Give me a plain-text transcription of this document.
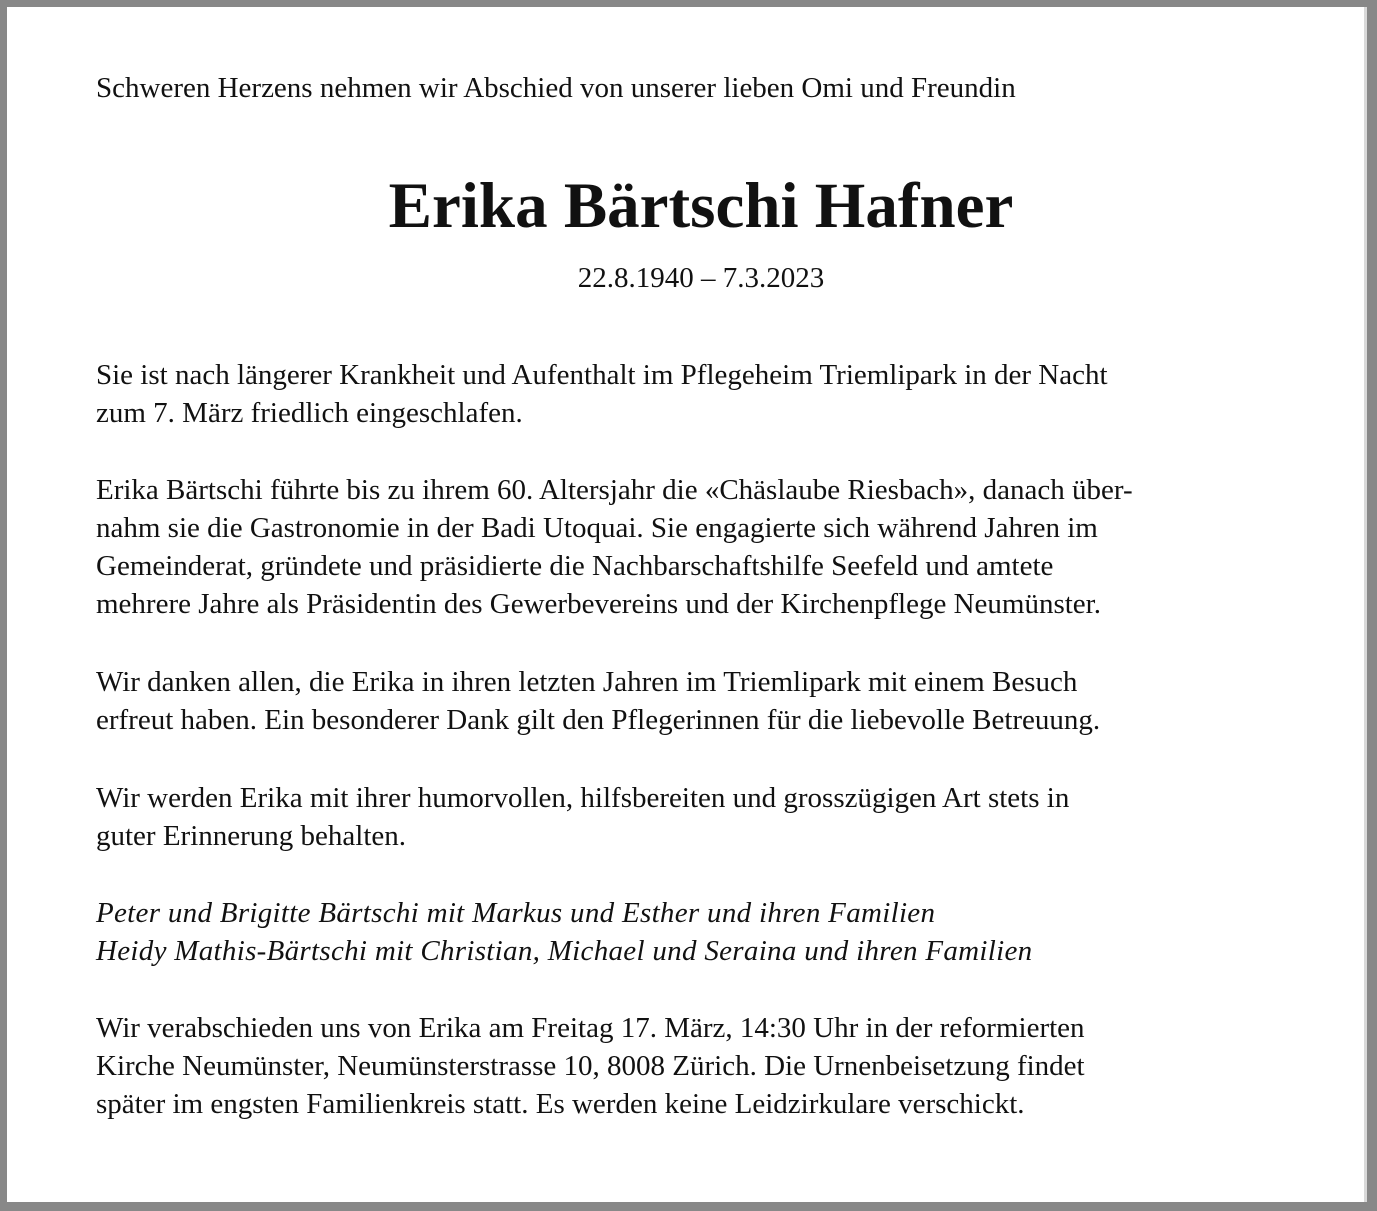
Schweren Herzens nehmen wir Abschied von unserer lieben Omi und Freundin
Erika Bärtschi Hafner
22.8.1940 – 7.3.2023
Sie ist nach längerer Krankheit und Aufenthalt im Pflegeheim Triemlipark in der Nacht
zum 7. März friedlich eingeschlafen.
Erika Bärtschi führte bis zu ihrem 60. Altersjahr die «Chäslaube Riesbach», danach über-
nahm sie die Gastronomie in der Badi Utoquai. Sie engagierte sich während Jahren im
Gemeinderat, gründete und präsidierte die Nachbarschaftshilfe Seefeld und amtete
mehrere Jahre als Präsidentin des Gewerbevereins und der Kirchenpflege Neumünster.
Wir danken allen, die Erika in ihren letzten Jahren im Triemlipark mit einem Besuch
erfreut haben. Ein besonderer Dank gilt den Pflegerinnen für die liebevolle Betreuung.
Wir werden Erika mit ihrer humorvollen, hilfsbereiten und grosszügigen Art stets in
guter Erinnerung behalten.
Peter und Brigitte Bärtschi mit Markus und Esther und ihren Familien
Heidy Mathis-Bärtschi mit Christian, Michael und Seraina und ihren Familien
Wir verabschieden uns von Erika am Freitag 17. März, 14:30 Uhr in der reformierten
Kirche Neumünster, Neumünsterstrasse 10, 8008 Zürich. Die Urnenbeisetzung findet
später im engsten Familienkreis statt. Es werden keine Leidzirkulare verschickt.
